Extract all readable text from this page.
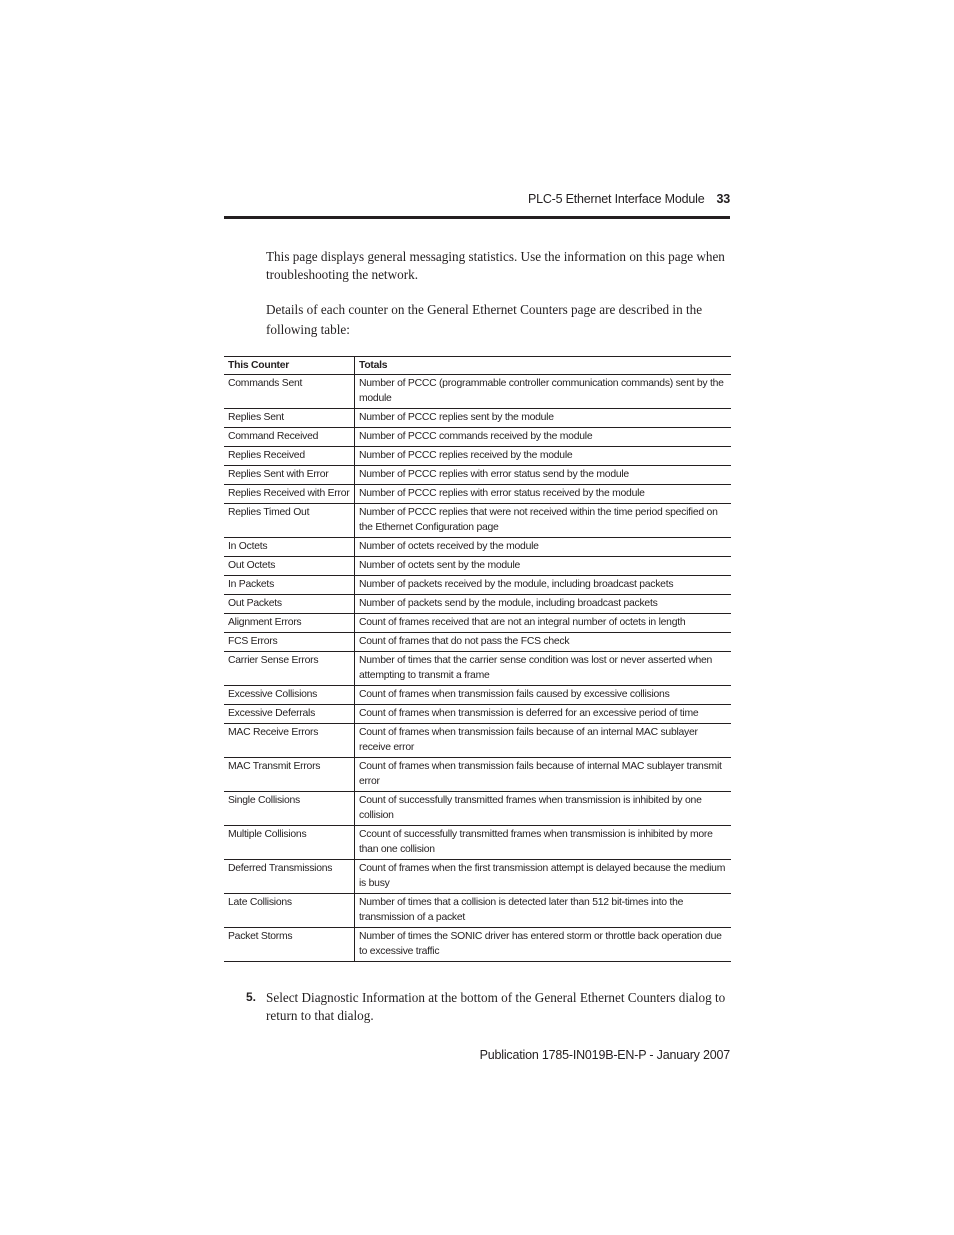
PLC-5 Ethernet Interface Module 33

This page displays general messaging statistics. Use the information on this page when troubleshooting the network.

Details of each counter on the General Ethernet Counters page are described in the following table:

This Counter	Totals
Commands Sent	Number of PCCC (programmable controller communication commands) sent by the module
Replies Sent	Number of PCCC replies sent by the module
Command Received	Number of PCCC commands received by the module
Replies Received	Number of PCCC replies received by the module
Replies Sent with Error	Number of PCCC replies with error status send by the module
Replies Received with Error	Number of PCCC replies with error status received by the module
Replies Timed Out	Number of PCCC replies that were not received within the time period specified on the Ethernet Configuration page
In Octets	Number of octets received by the module
Out Octets	Number of octets sent by the module
In Packets	Number of packets received by the module, including broadcast packets
Out Packets	Number of packets send by the module, including broadcast packets
Alignment Errors	Count of frames received that are not an integral number of octets in length
FCS Errors	Count of frames that do not pass the FCS check
Carrier Sense Errors	Number of times that the carrier sense condition was lost or never asserted when attempting to transmit a frame
Excessive Collisions	Count of frames when transmission fails caused by excessive collisions
Excessive Deferrals	Count of frames when transmission is deferred for an excessive period of time
MAC Receive Errors	Count of frames when transmission fails because of an internal MAC sublayer receive error
MAC Transmit Errors	Count of frames when transmission fails because of internal MAC sublayer transmit error
Single Collisions	Count of successfully transmitted frames when transmission is inhibited by one collision
Multiple Collisions	Ccount of successfully transmitted frames when transmission is inhibited by more than one collision
Deferred Transmissions	Count of frames when the first transmission attempt is delayed because the medium is busy
Late Collisions	Number of times that a collision is detected later than 512 bit-times into the transmission of a packet
Packet Storms	Number of times the SONIC driver has entered storm or throttle back operation due to excessive traffic
5. Select Diagnostic Information at the bottom of the General Ethernet Counters dialog to return to that dialog.
Publication 1785-IN019B-EN-P - January 2007
